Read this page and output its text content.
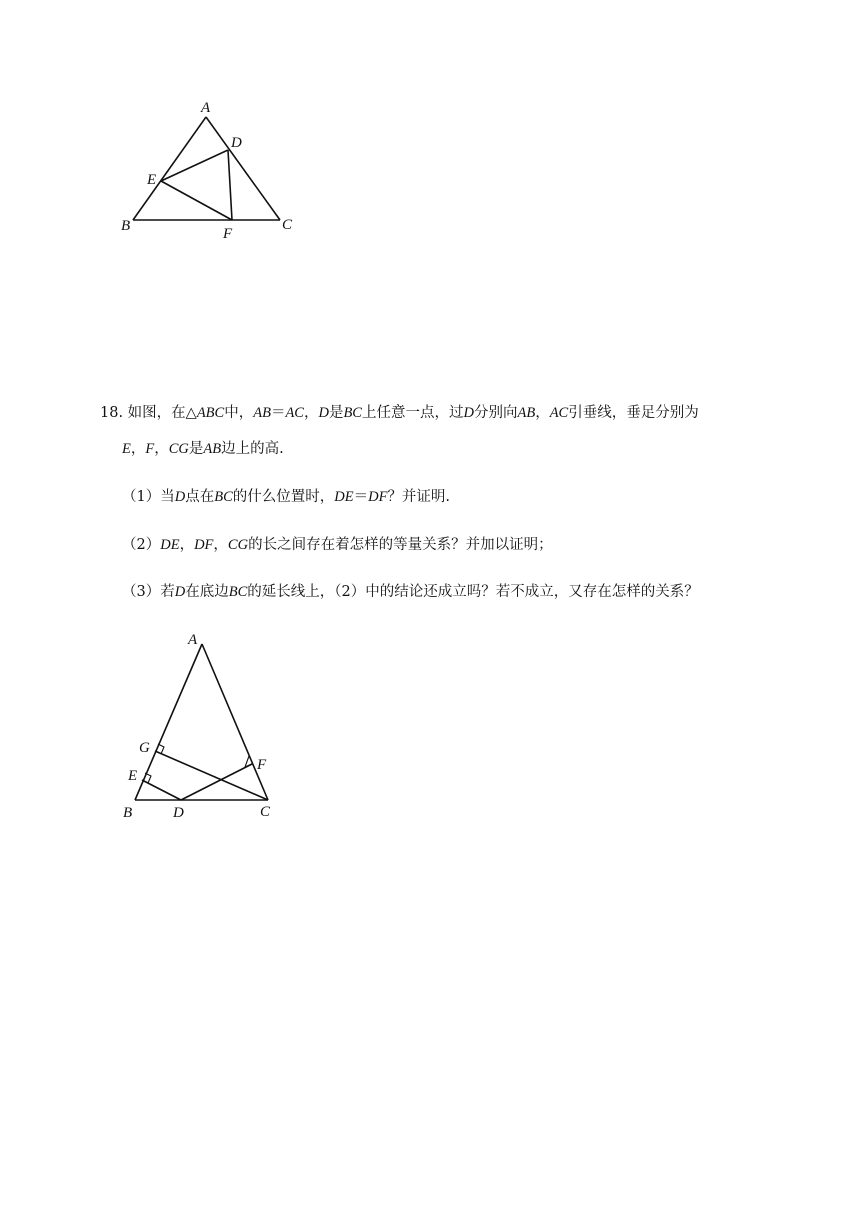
A
D
E
B	F
C
18. 如图，在△ABC中，AB＝AC，D是BC上任意一点，过D分别向AB，AC引垂线，垂足分别为
E，F，CG是AB边上的高.
（1）当D点在BC的什么位置时，DE＝DF？并证明.
（2）DE，DF，CG的长之间存在着怎样的等量关系？并加以证明；
（3）若D在底边BC的延长线上，（2）中的结论还成立吗？若不成立，又存在怎样的关系？
A
G
F
E
B	D	C
